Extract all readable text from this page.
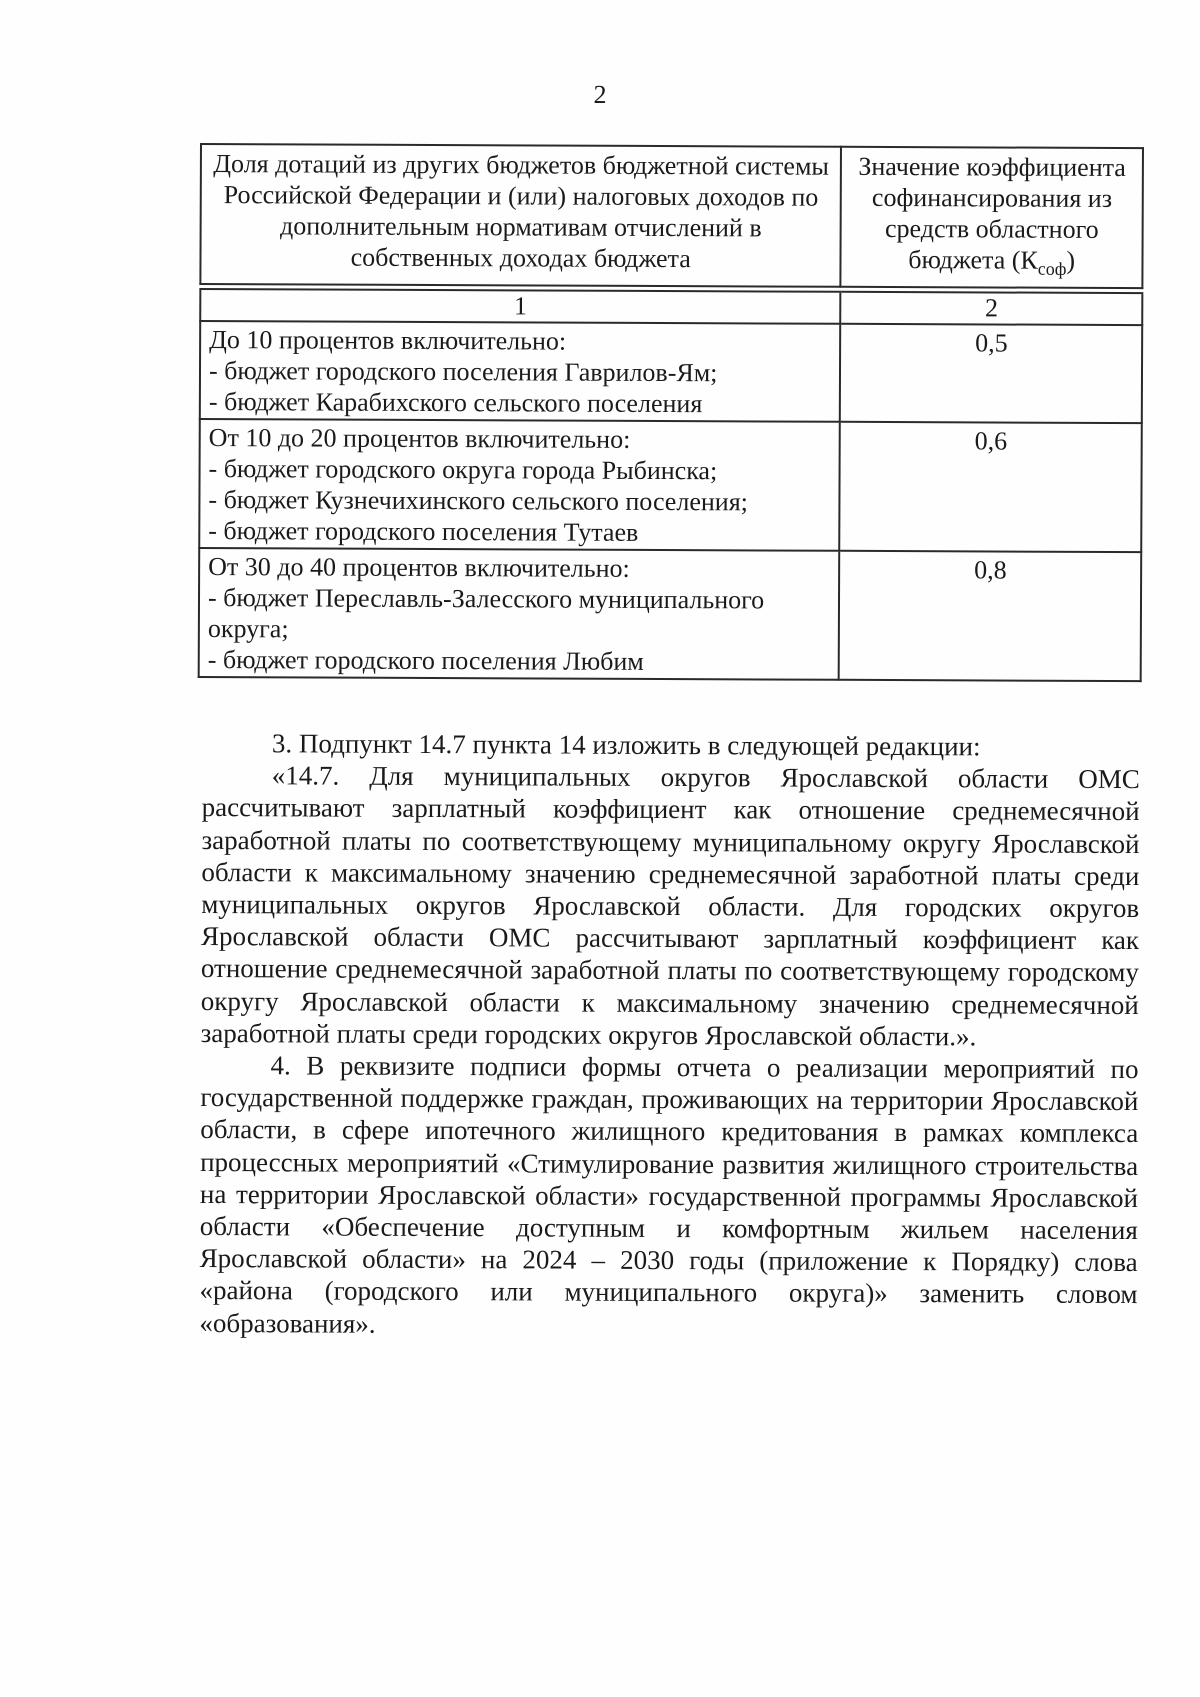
2
Доля дотаций из других бюджетов бюджетной системы Российской Федерации и (или) налоговых доходов по дополнительным нормативам отчислений в собственных доходах бюджета	Значение коэффициента софинансирования из средств областного бюджета $(К_{соф})$

1	2

До 10 процентов включительно:
- бюджет городского поселения Гаврилов-Ям;
- бюджет Карабихского сельского поселения	0,5

От 10 до 20 процентов включительно:
- бюджет городского округа города Рыбинска;
- бюджет Кузнечихинского сельского поселения;
- бюджет городского поселения Тутаев	0,6

От 30 до 40 процентов включительно:
- бюджет Переславль-Залесского муниципального округа;
- бюджет городского поселения Любим	0,8

3. Подпункт 14.7 пункта 14 изложить в следующей редакции:

«14.7. Для муниципальных округов Ярославской области ОМС рассчитывают зарплатный коэффициент как отношение среднемесячной заработной платы по соответствующему муниципальному округу Ярославской области к максимальному значению среднемесячной заработной платы среди муниципальных округов Ярославской области. Для городских округов Ярославской области ОМС рассчитывают зарплатный коэффициент как отношение среднемесячной заработной платы по соответствующему городскому округу Ярославской области к максимальному значению среднемесячной заработной платы среди городских округов Ярославской области.».

4. В реквизите подписи формы отчета о реализации мероприятий по государственной поддержке граждан, проживающих на территории Ярославской области, в сфере ипотечного жилищного кредитования в рамках комплекса процессных мероприятий «Стимулирование развития жилищного строительства на территории Ярославской области» государственной программы Ярославской области «Обеспечение доступным и комфортным жильем населения Ярославской области» на 2024 – 2030 годы (приложение к Порядку) слова «района (городского или муниципального округа)» заменить словом «образования».
